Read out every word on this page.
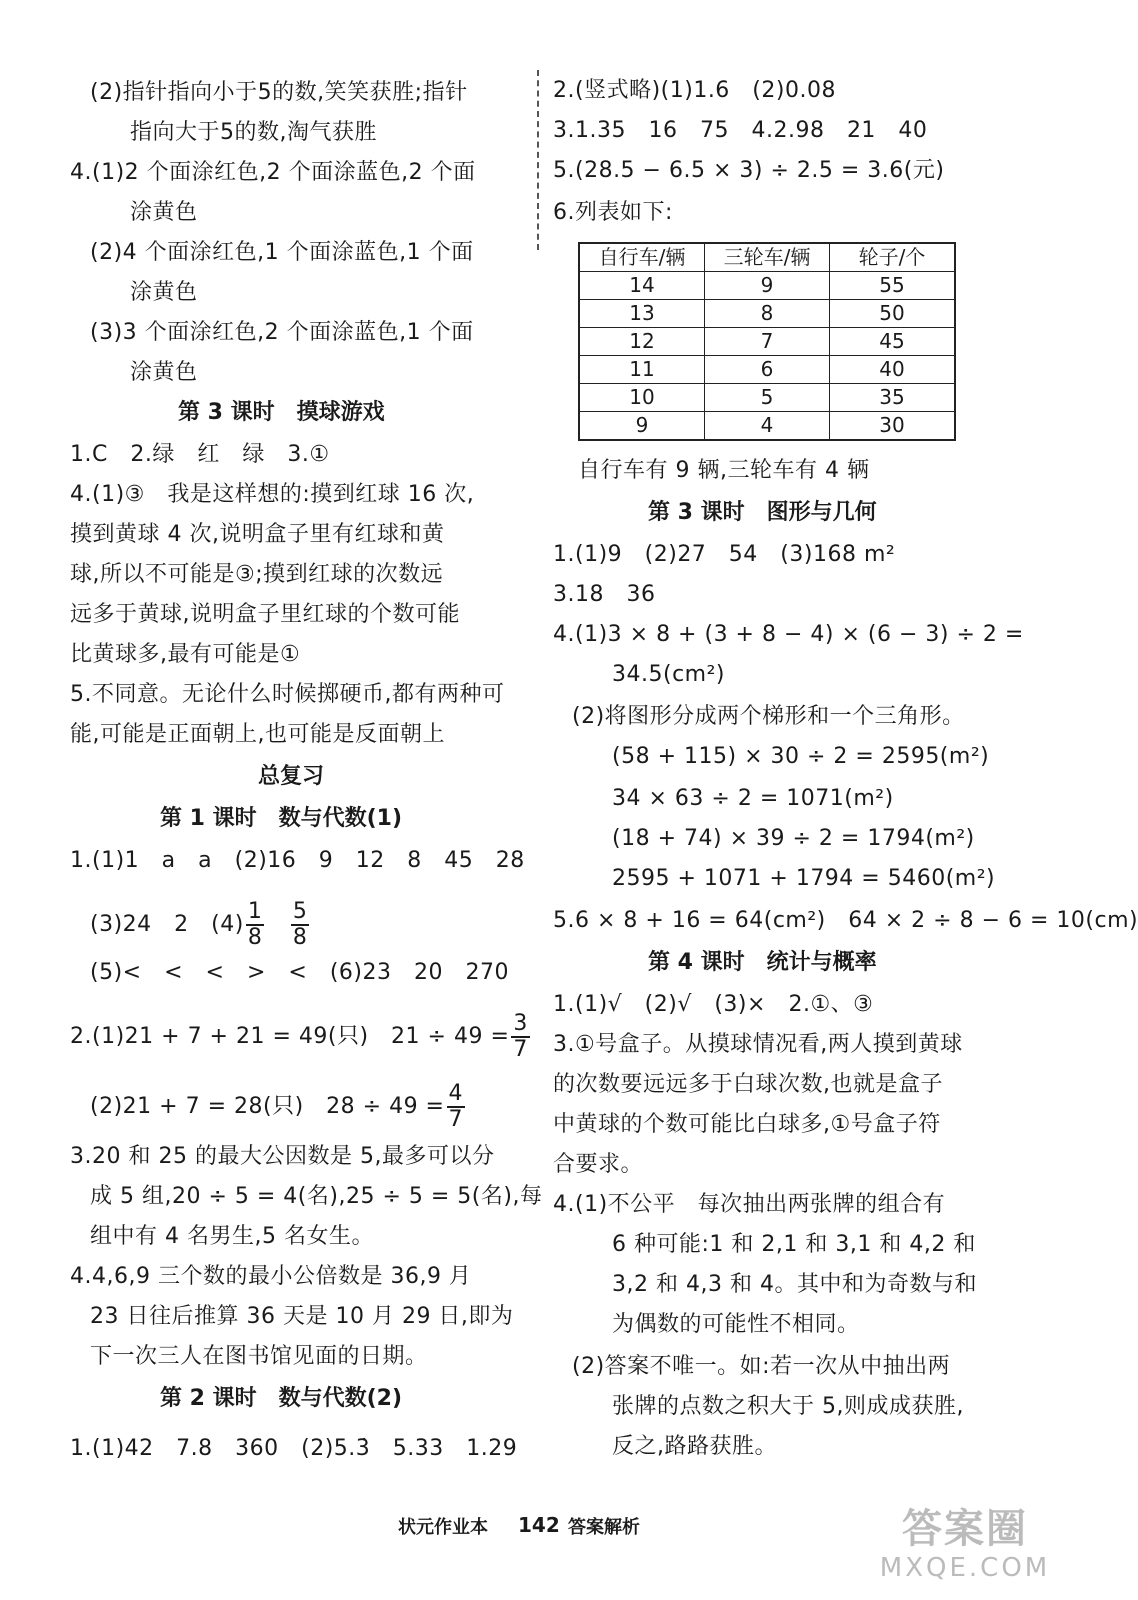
(2)指针指向小于5的数,笑笑获胜;指针
指向大于5的数,淘气获胜
4.(1)2 个面涂红色,2 个面涂蓝色,2 个面
涂黄色
(2)4 个面涂红色,1 个面涂蓝色,1 个面
涂黄色
(3)3 个面涂红色,2 个面涂蓝色,1 个面
涂黄色
第 3 课时　摸球游戏
1.C　2.绿　红　绿　3.①
4.(1)③　我是这样想的:摸到红球 16 次,
摸到黄球 4 次,说明盒子里有红球和黄
球,所以不可能是③;摸到红球的次数远
远多于黄球,说明盒子里红球的个数可能
比黄球多,最有可能是①
5.不同意。无论什么时候掷硬币,都有两种可
能,可能是正面朝上,也可能是反面朝上
总复习
第 1 课时　数与代数(1)
1.(1)1　a　a　(2)16　9　12　8　45　28
(3)24　2　$(4) \frac{1}{8}$
　 $\frac{5}{8}$
(5)<　<　<　>　<　(6)23　20　270
2.(1)21 + 7 + 21 = 49(只)　$21 \div 49 = \frac{3}{7}$
(2)21 + 7 = 28(只)　$28 \div 49 = \frac{4}{7}$
3.20 和 25 的最大公因数是 5,最多可以分
成 5 组,20 ÷ 5 = 4(名),25 ÷ 5 = 5(名),每
组中有 4 名男生,5 名女生。
4.4,6,9 三个数的最小公倍数是 36,9 月
23 日往后推算 36 天是 10 月 29 日,即为
下一次三人在图书馆见面的日期。
第 2 课时　数与代数(2)
1.(1)42　7.8　360　(2)5.3̇　5.33　1.29
2.(竖式略)(1)1.6　(2)0.08
3.1.35　16　75　4.2.98　21　40
5.(28.5 − 6.5 × 3) ÷ 2.5 = 3.6(元)
6.列表如下:
自行车/辆	三轮车/辆	轮子/个
14	9	55
13	8	50
12	7	45
11	6	40
10	5	35
9	4	30
自行车有 9 辆,三轮车有 4 辆
第 3 课时　图形与几何
1.(1)9　(2)27　54　(3)168 m²
3.18　36
4.(1)3 × 8 + (3 + 8 − 4) × (6 − 3) ÷ 2 =
34.5(cm²)
(2)将图形分成两个梯形和一个三角形。
(58 + 115) × 30 ÷ 2 = 2595(m²)
34 × 63 ÷ 2 = 1071(m²)
(18 + 74) × 39 ÷ 2 = 1794(m²)
2595 + 1071 + 1794 = 5460(m²)
5.6 × 8 + 16 = 64(cm²)　64 × 2 ÷ 8 − 6 = 10(cm)
第 4 课时　统计与概率
1.(1)√　(2)√　(3)×　2.①、③
3.①号盒子。从摸球情况看,两人摸到黄球
的次数要远远多于白球次数,也就是盒子
中黄球的个数可能比白球多,①号盒子符
合要求。
4.(1)不公平　每次抽出两张牌的组合有
6 种可能:1 和 2,1 和 3,1 和 4,2 和
3,2 和 4,3 和 4。其中和为奇数与和
为偶数的可能性不相同。
(2)答案不唯一。如:若一次从中抽出两
张牌的点数之积大于 5,则成成获胜,
反之,路路获胜。
状元作业本 142 答案解析	答案圈
MXQE.COM
